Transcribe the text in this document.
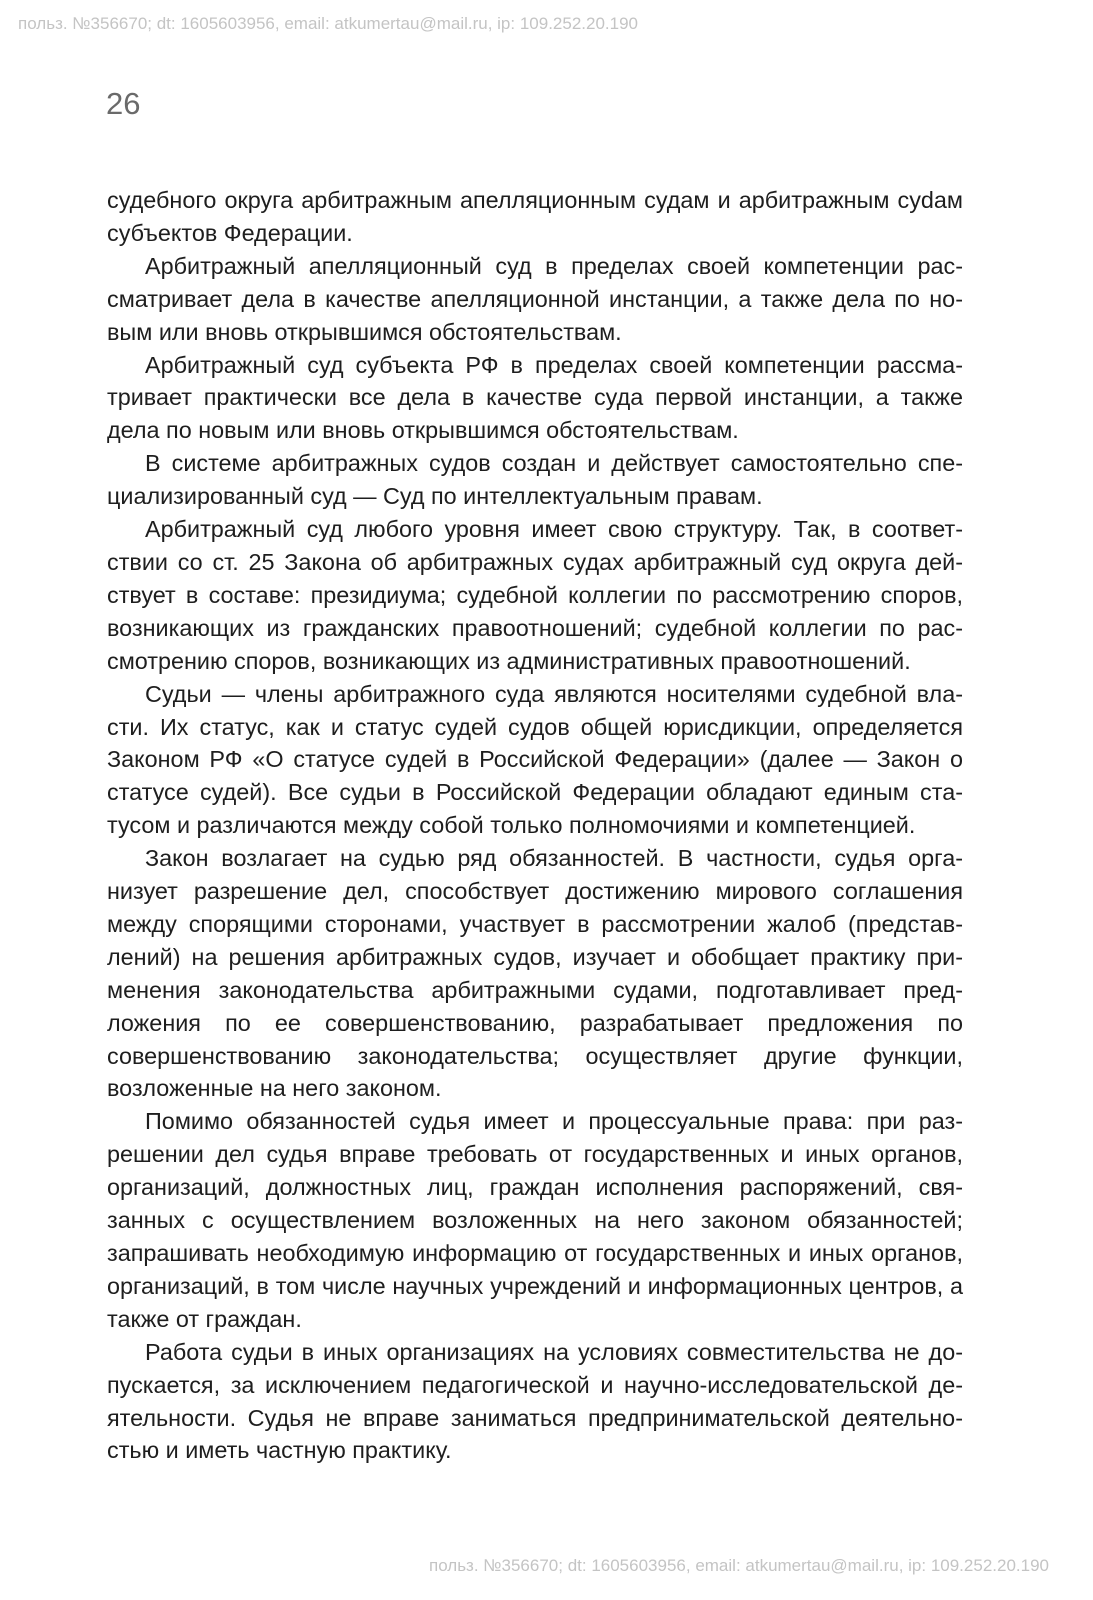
польз. №356670; dt: 1605603956, email: atkumertau@mail.ru, ip: 109.252.20.190
26

судебного округа арбитражным апелляционным судам и арбитражным суdам субъектов Федерации.

Арбитражный апелляционный суд в пределах своей компетенции рассматривает дела в качестве апелляционной инстанции, а также дела по новым или вновь открывшимся обстоятельствам.

Арбитражный суд субъекта РФ в пределах своей компетенции рассматривает практически все дела в качестве суда первой инстанции, а также дела по новым или вновь открывшимся обстоятельствам.

В системе арбитражных судов создан и действует самостоятельно специализированный суд — Суд по интеллектуальным правам.

Арбитражный суд любого уровня имеет свою структуру. Так, в соответствии со ст. 25 Закона об арбитражных судах арбитражный суд округа действует в составе: президиума; судебной коллегии по рассмотрению споров, возникающих из гражданских правоотношений; судебной коллегии по рассмотрению споров, возникающих из административных правоотношений.

Судьи — члены арбитражного суда являются носителями судебной власти. Их статус, как и статус судей судов общей юрисдикции, определяется Законом РФ «О статусе судей в Российской Федерации» (далее — Закон о статусе судей). Все судьи в Российской Федерации обладают единым статусом и различаются между собой только полномочиями и компетенцией.

Закон возлагает на судью ряд обязанностей. В частности, судья организует разрешение дел, способствует достижению мирового соглашения между спорящими сторонами, участвует в рассмотрении жалоб (представлений) на решения арбитражных судов, изучает и обобщает практику применения законодательства арбитражными судами, подготавливает предложения по ее совершенствованию, разрабатывает предложения по совершенствованию законодательства; осуществляет другие функции, возложенные на него законом.

Помимо обязанностей судья имеет и процессуальные права: при разрешении дел судья вправе требовать от государственных и иных органов, организаций, должностных лиц, граждан исполнения распоряжений, связанных с осуществлением возложенных на него законом обязанностей; запрашивать необходимую информацию от государственных и иных органов, организаций, в том числе научных учреждений и информационных центров, а также от граждан.

Работа судьи в иных организациях на условиях совместительства не допускается, за исключением педагогической и научно-исследовательской деятельности. Судья не вправе заниматься предпринимательской деятельностью и иметь частную практику.

польз. №356670; dt: 1605603956, email: atkumertau@mail.ru, ip: 109.252.20.190
